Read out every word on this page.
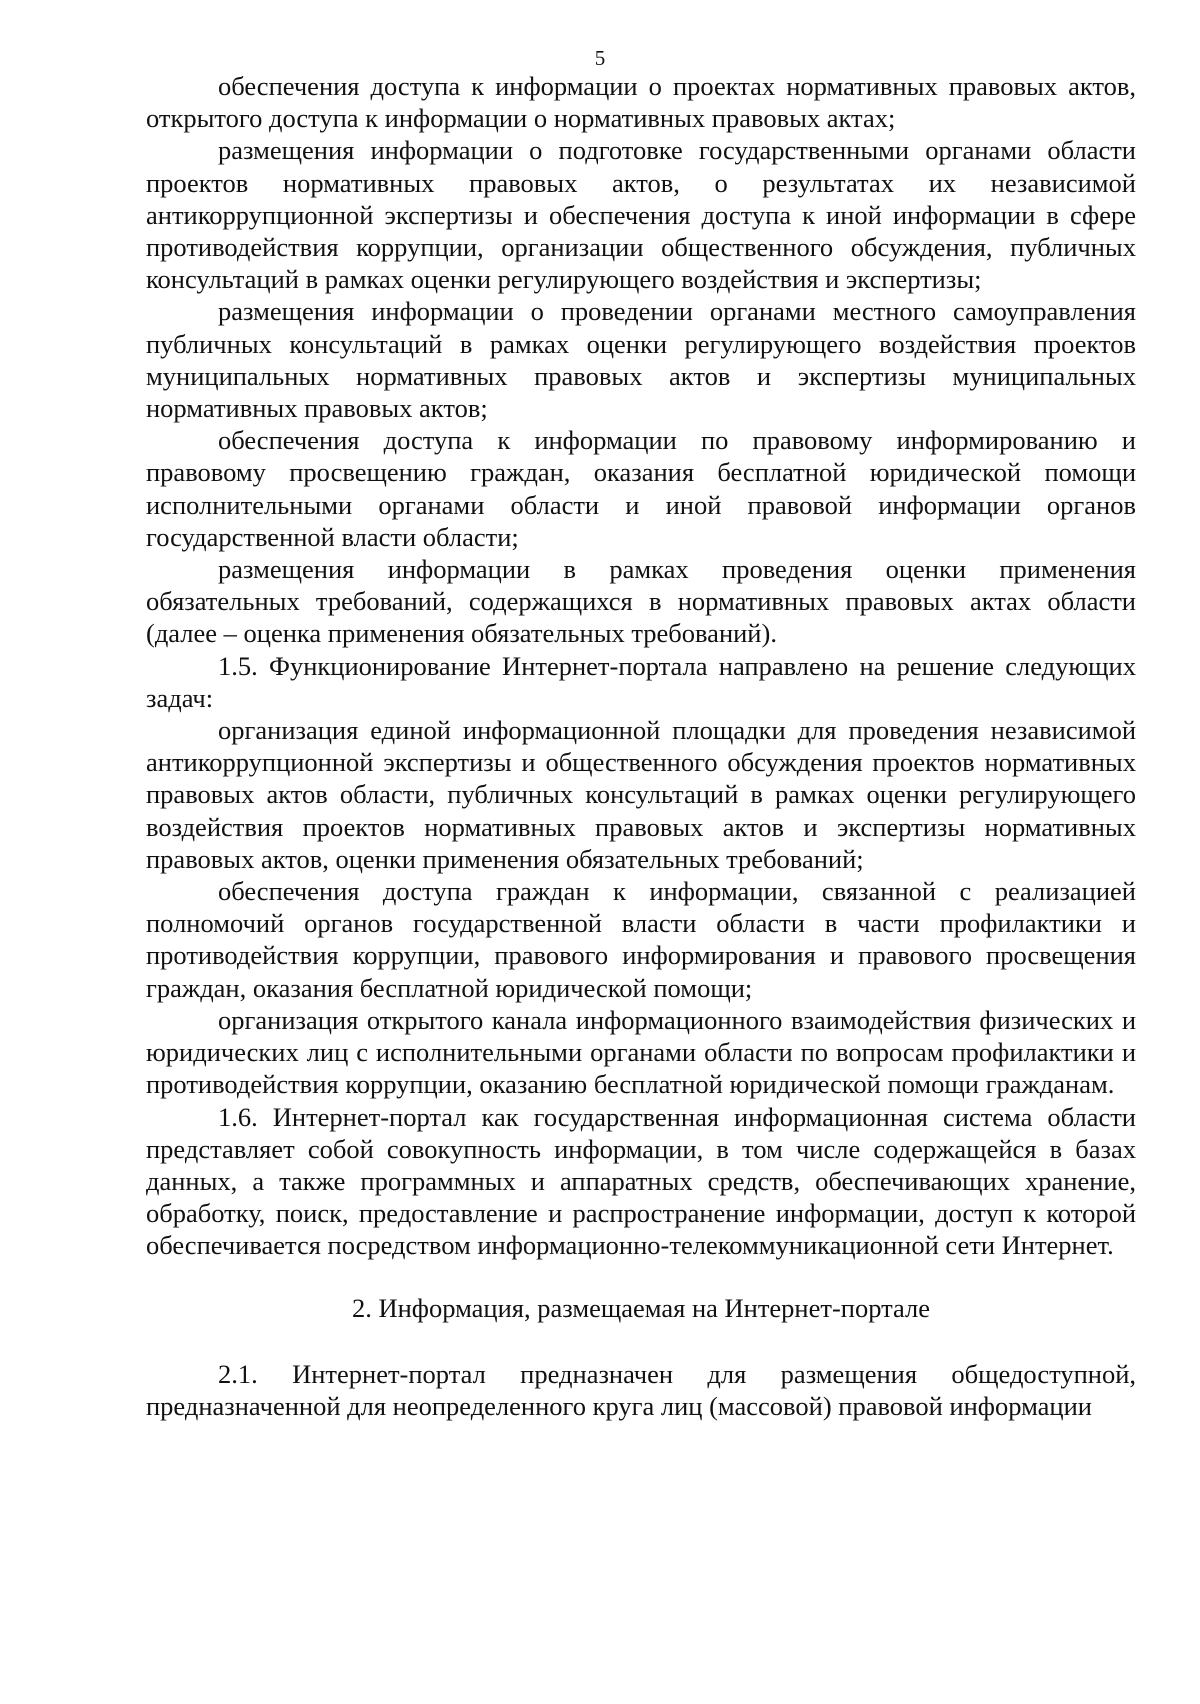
5

обеспечения доступа к информации о проектах нормативных правовых актов, открытого доступа к информации о нормативных правовых актах;

размещения информации о подготовке государственными органами области проектов нормативных правовых актов, о результатах их независимой антикоррупционной экспертизы и обеспечения доступа к иной информации в сфере противодействия коррупции, организации общественного обсуждения, публичных консультаций в рамках оценки регулирующего воздействия и экспертизы;

размещения информации о проведении органами местного самоуправления публичных консультаций в рамках оценки регулирующего воздействия проектов муниципальных нормативных правовых актов и экспертизы муниципальных нормативных правовых актов;

обеспечения доступа к информации по правовому информированию и правовому просвещению граждан, оказания бесплатной юридической помощи исполнительными органами области и иной правовой информации органов государственной власти области;

размещения информации в рамках проведения оценки применения обязательных требований, содержащихся в нормативных правовых актах области (далее – оценка применения обязательных требований).

1.5. Функционирование Интернет-портала направлено на решение следующих задач:

организация единой информационной площадки для проведения независимой антикоррупционной экспертизы и общественного обсуждения проектов нормативных правовых актов области, публичных консультаций в рамках оценки регулирующего воздействия проектов нормативных правовых актов и экспертизы нормативных правовых актов, оценки применения обязательных требований;

обеспечения доступа граждан к информации, связанной с реализацией полномочий органов государственной власти области в части профилактики и противодействия коррупции, правового информирования и правового просвещения граждан, оказания бесплатной юридической помощи;

организация открытого канала информационного взаимодействия физических и юридических лиц с исполнительными органами области по вопросам профилактики и противодействия коррупции, оказанию бесплатной юридической помощи гражданам.

1.6. Интернет-портал как государственная информационная система области представляет собой совокупность информации, в том числе содержащейся в базах данных, а также программных и аппаратных средств, обеспечивающих хранение, обработку, поиск, предоставление и распространение информации, доступ к которой обеспечивается посредством информационно-телекоммуникационной сети Интернет.

2. Информация, размещаемая на Интернет-портале

2.1. Интернет-портал предназначен для размещения общедоступной, предназначенной для неопределенного круга лиц (массовой) правовой информации
